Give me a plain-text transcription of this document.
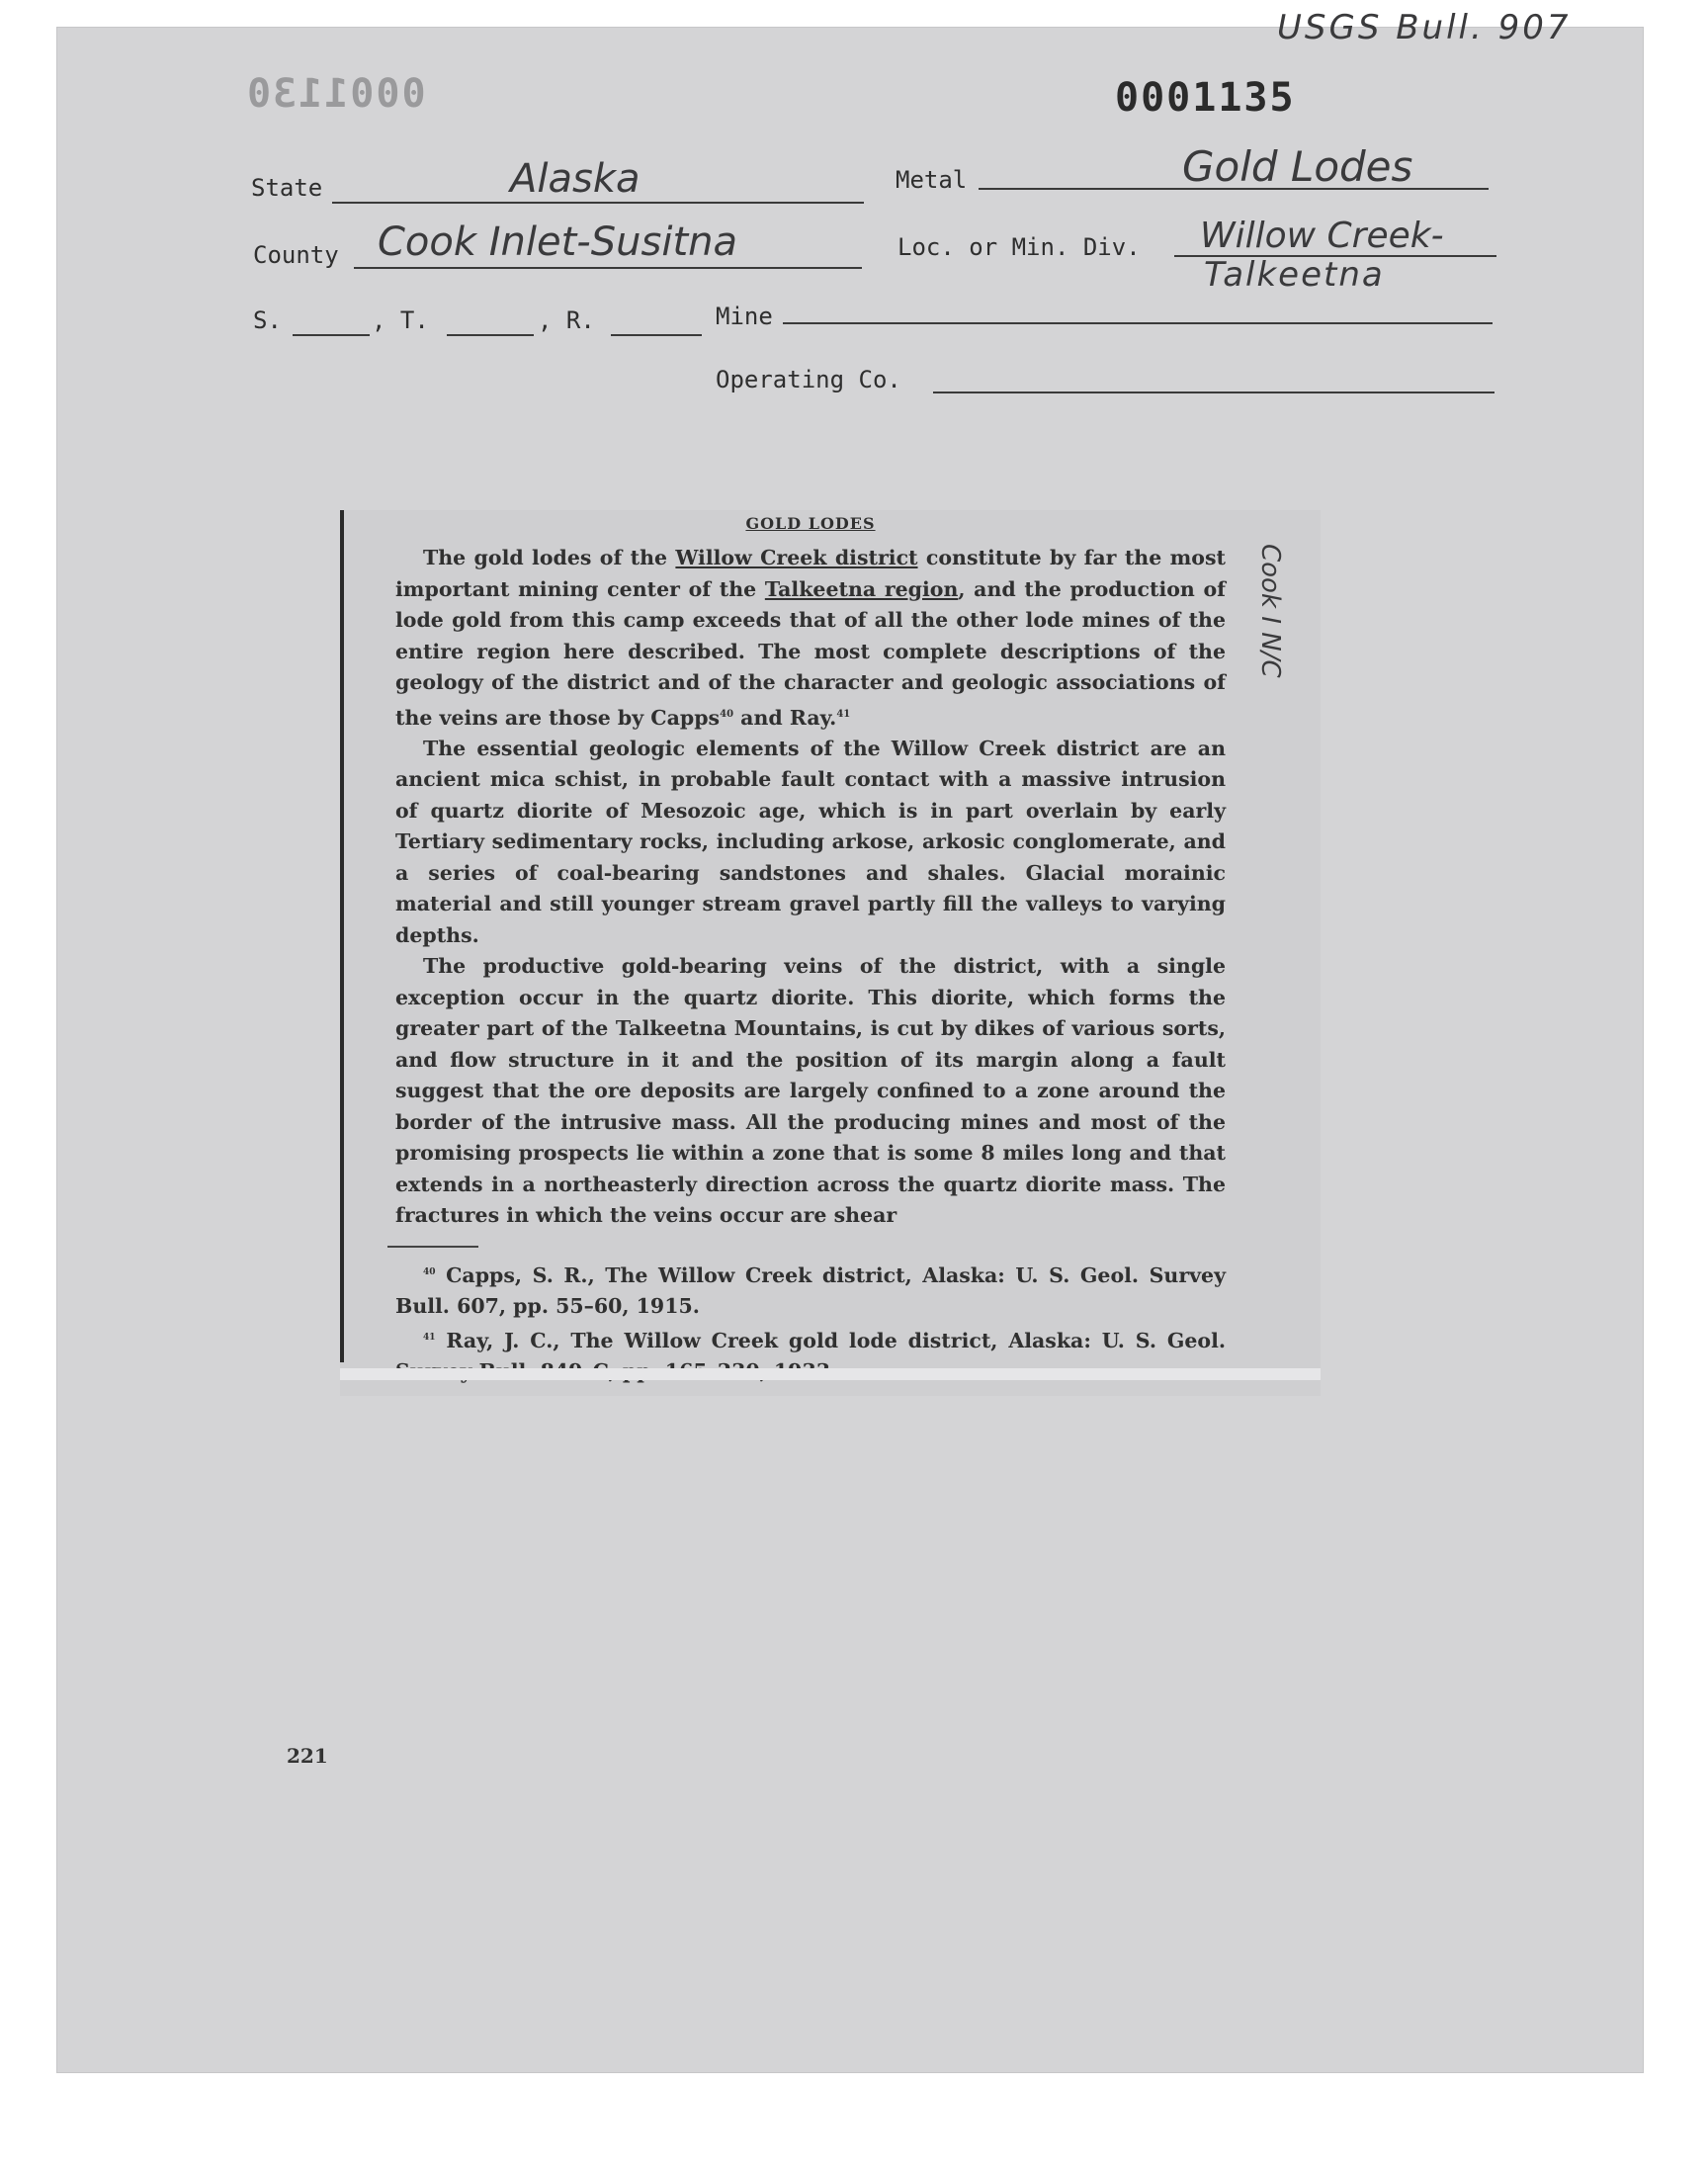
USGS Bull. 907
0001130	0001135
State	Alaska	Metal	Gold Lodes
County Cook Inlet-Susitna	Loc. or Min. Div. Willow Creek-
Talkeetna
S.	, T.	, R.	Mine
Operating Co.
GOLD LODES

The gold lodes of the Willow Creek district constitute by far the most important mining center of the Talkeetna region, and the production of lode gold from this camp exceeds that of all the other lode mines of the entire region here described. The most complete descriptions of the geology of the district and of the character and geologic associations of the veins are those by Capps$^{40}$ and Ray.$^{41}$

The essential geologic elements of the Willow Creek district are an ancient mica schist, in probable fault contact with a massive intrusion of quartz diorite of Mesozoic age, which is in part overlain by early Tertiary sedimentary rocks, including arkose, arkosic conglomerate, and a series of coal-bearing sandstones and shales. Glacial morainic material and still younger stream gravel partly fill the valleys to varying depths.

The productive gold-bearing veins of the district, with a single exception occur in the quartz diorite. This diorite, which forms the greater part of the Talkeetna Mountains, is cut by dikes of various sorts, and flow structure in it and the position of its margin along a fault suggest that the ore deposits are largely confined to a zone around the border of the intrusive mass. All the producing mines and most of the promising prospects lie within a zone that is some 8 miles long and that extends in a northeasterly direction across the quartz diorite mass. The fractures in which the veins occur are shear

$^{40}$ Capps, S. R., The Willow Creek district, Alaska: U. S. Geol. Survey Bull. 607, pp. 55–60, 1915.

$^{41}$ Ray, J. C., The Willow Creek gold lode district, Alaska: U. S. Geol.

Cook I N/C
221
